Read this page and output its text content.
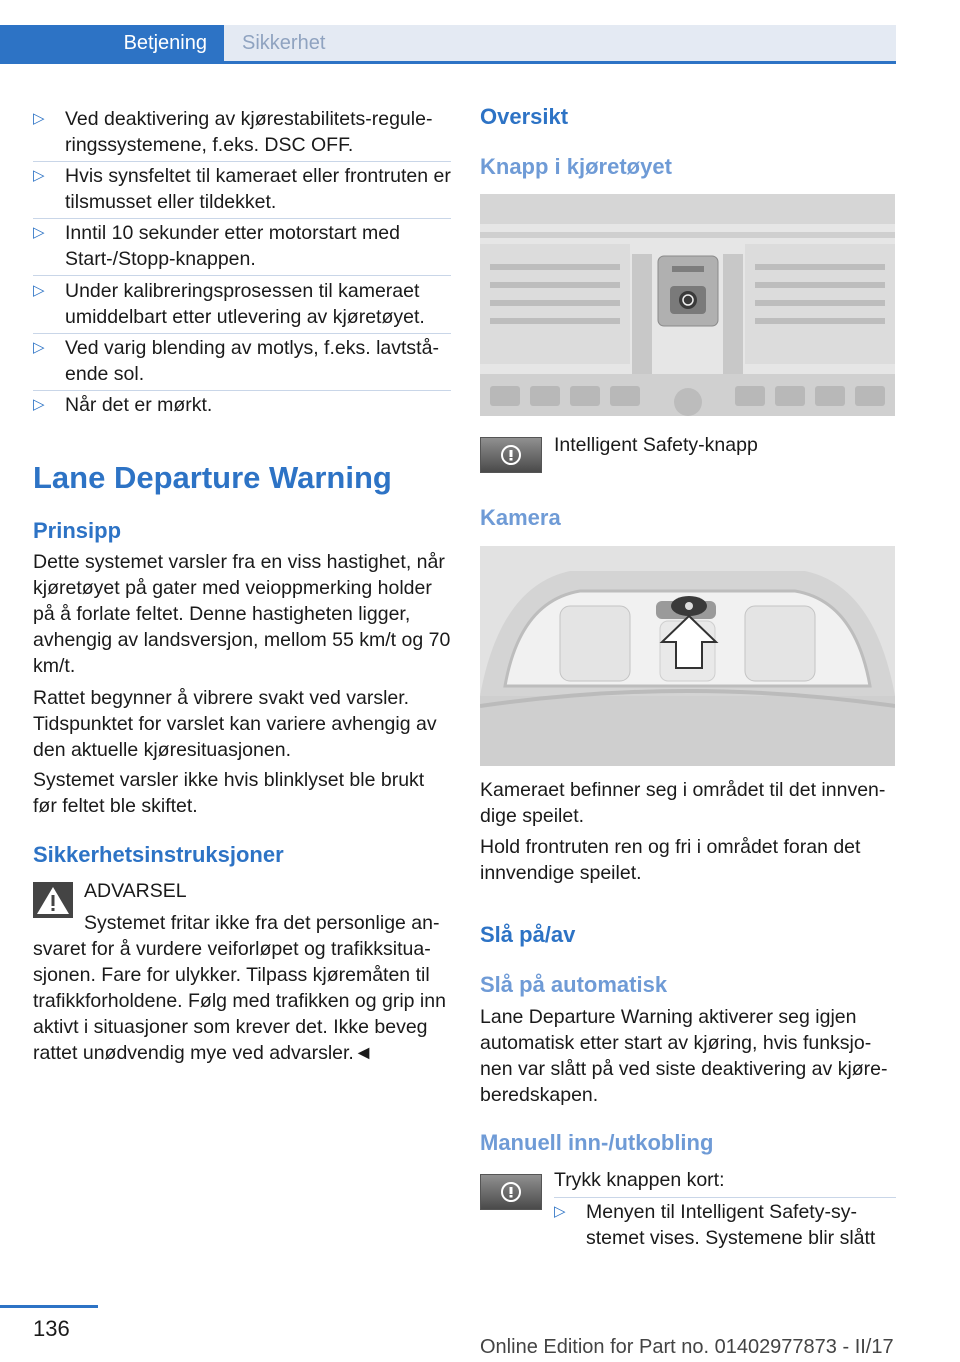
Betjening	Sikkerhet
▷ Ved deaktivering av kjørestabilitets-reguleringssystemene, f.eks. DSC OFF.
▷ Hvis synsfeltet til kameraet eller frontruten er tilsmusset eller tildekket.
▷ Inntil 10 sekunder etter motorstart med Start-/Stopp-knappen.
▷ Under kalibreringsprosessen til kameraet umiddelbart etter utlevering av kjøretøyet.
▷ Ved varig blending av motlys, f.eks. lavtstående sol.
▷ Når det er mørkt.
Lane Departure Warning
Prinsipp
Dette systemet varsler fra en viss hastighet, når kjøretøyet på gater med veioppmerking holder på å forlate feltet. Denne hastigheten ligger, avhengig av landsversjon, mellom 55 km/t og 70 km/t.
Rattet begynner å vibrere svakt ved varsler. Tidspunktet for varslet kan variere avhengig av den aktuelle kjøresituasjonen.
Systemet varsler ikke hvis blinklyset ble brukt før feltet ble skiftet.
Sikkerhetsinstruksjoner
ADVARSEL
Systemet fritar ikke fra det personlige an-
svaret for å vurdere veiforløpet og trafikksituasjonen. Fare for ulykker. Tilpass kjøremåten til trafikkforholdene. Følg med trafikken og grip inn aktivt i situasjoner som krever det. Ikke beveg rattet unødvendig mye ved advarsler.◄
Oversikt
Knapp i kjøretøyet
Intelligent Safety-knapp
Kamera
Kameraet befinner seg i området til det innvendige speilet.
Hold frontruten ren og fri i området foran det innvendige speilet.
Slå på/av
Slå på automatisk
Lane Departure Warning aktiverer seg igjen automatisk etter start av kjøring, hvis funksjonen var slått på ved siste deaktivering av kjøreberedskapen.
Manuell inn-/utkobling
Trykk knappen kort:
▷ Menyen til Intelligent Safety-systemet vises. Systemene blir slått
136
Online Edition for Part no. 01402977873 - II/17
